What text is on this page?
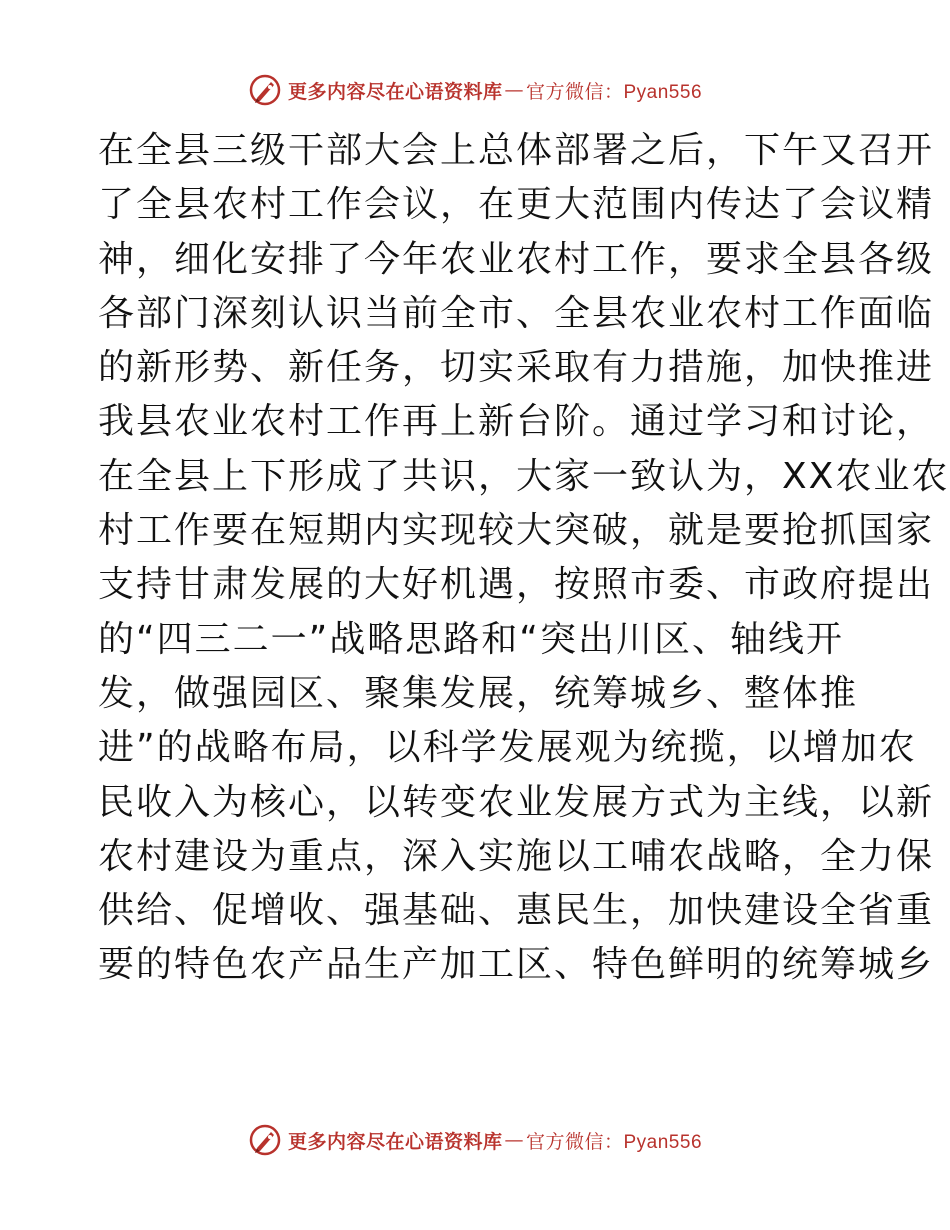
更多内容尽在心语资料库 — 官方微信：Pyan556
在全县三级干部大会上总体部署之后，下午又召开
了全县农村工作会议，在更大范围内传达了会议精
神，细化安排了今年农业农村工作，要求全县各级
各部门深刻认识当前全市、全县农业农村工作面临
的新形势、新任务，切实采取有力措施，加快推进
我县农业农村工作再上新台阶。通过学习和讨论，
在全县上下形成了共识，大家一致认为，XX农业农
村工作要在短期内实现较大突破，就是要抢抓国家
支持甘肃发展的大好机遇，按照市委、市政府提出
的“四三二一”战略思路和“突出川区、轴线开
发，做强园区、聚集发展，统筹城乡、整体推
进”的战略布局，以科学发展观为统揽，以增加农
民收入为核心，以转变农业发展方式为主线，以新
农村建设为重点，深入实施以工哺农战略，全力保
供给、促增收、强基础、惠民生，加快建设全省重
要的特色农产品生产加工区、特色鲜明的统筹城乡
更多内容尽在心语资料库 — 官方微信：Pyan556
